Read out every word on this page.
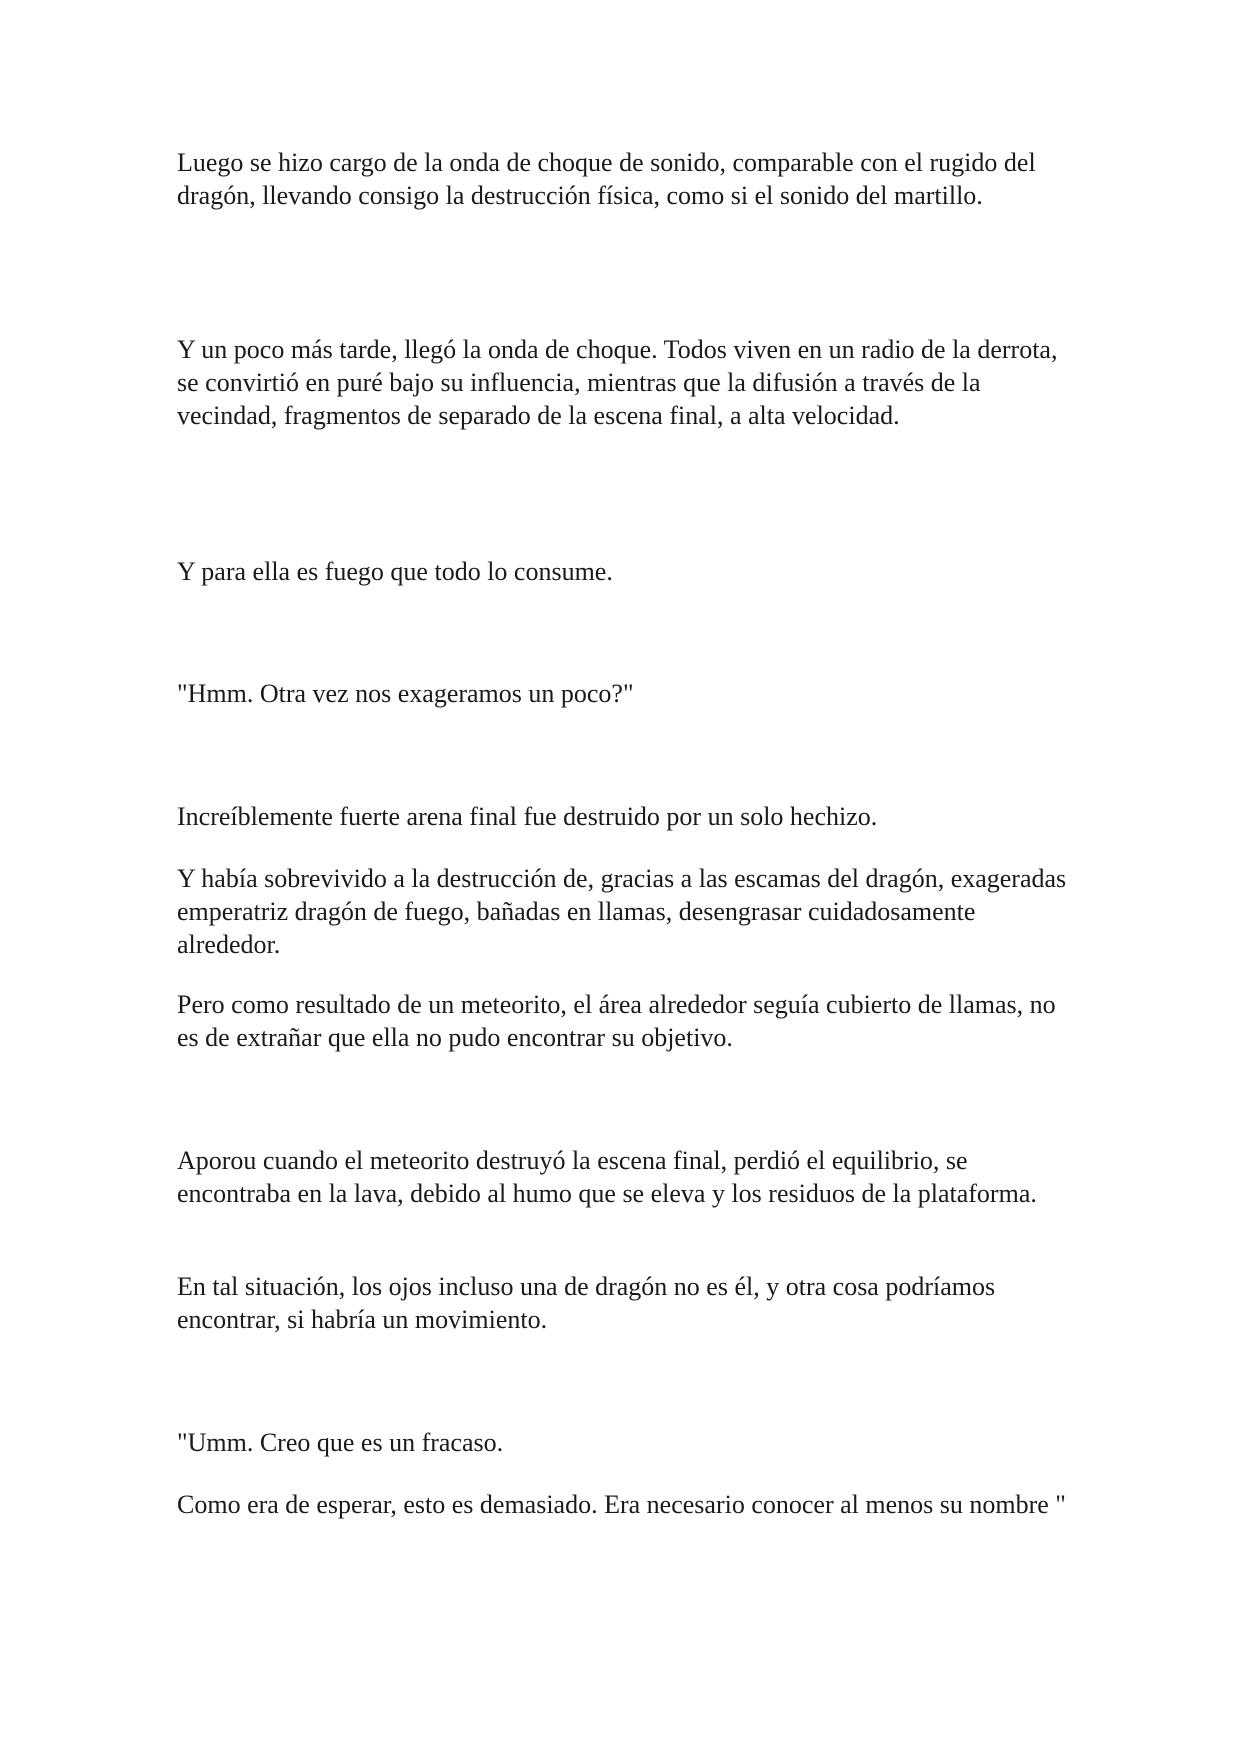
Luego se hizo cargo de la onda de choque de sonido, comparable con el rugido del dragón, llevando consigo la destrucción física, como si el sonido del martillo.

Y un poco más tarde, llegó la onda de choque. Todos viven en un radio de la derrota, se convirtió en puré bajo su influencia, mientras que la difusión a través de la vecindad, fragmentos de separado de la escena final, a alta velocidad.

Y para ella es fuego que todo lo consume.

"Hmm. Otra vez nos exageramos un poco?"

Increíblemente fuerte arena final fue destruido por un solo hechizo.

Y había sobrevivido a la destrucción de, gracias a las escamas del dragón, exageradas emperatriz dragón de fuego, bañadas en llamas, desengrasar cuidadosamente alrededor.

Pero como resultado de un meteorito, el área alrededor seguía cubierto de llamas, no es de extrañar que ella no pudo encontrar su objetivo.

Aporou cuando el meteorito destruyó la escena final, perdió el equilibrio, se encontraba en la lava, debido al humo que se eleva y los residuos de la plataforma.

En tal situación, los ojos incluso una de dragón no es él, y otra cosa podríamos encontrar, si habría un movimiento.

"Umm. Creo que es un fracaso.

Como era de esperar, esto es demasiado. Era necesario conocer al menos su nombre "
